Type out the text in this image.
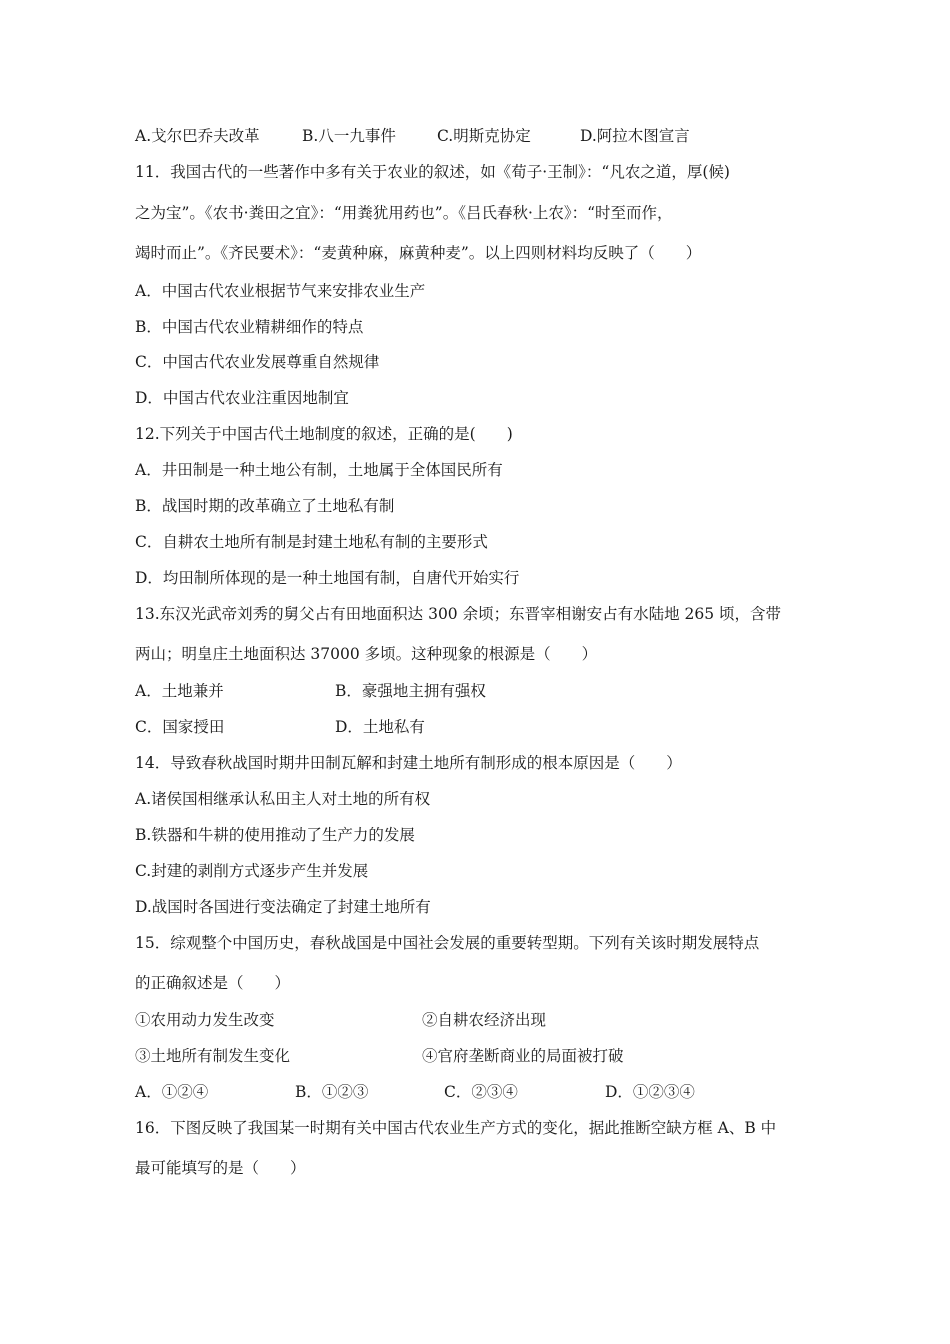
A.戈尔巴乔夫改革	B.八一九事件	C.明斯克协定	D.阿拉木图宣言
11．我国古代的一些著作中多有关于农业的叙述，如《荀子·王制》：“凡农之道，厚(候)
之为宝”。《农书·粪田之宜》：“用粪犹用药也”。《吕氏春秋·上农》：“时至而作，
竭时而止”。《齐民要术》：“麦黄种麻，麻黄种麦”。以上四则材料均反映了（　　）
A．中国古代农业根据节气来安排农业生产
B．中国古代农业精耕细作的特点
C．中国古代农业发展尊重自然规律
D．中国古代农业注重因地制宜
12.下列关于中国古代土地制度的叙述，正确的是(　　)
A．井田制是一种土地公有制，土地属于全体国民所有
B．战国时期的改革确立了土地私有制
C．自耕农土地所有制是封建土地私有制的主要形式
D．均田制所体现的是一种土地国有制，自唐代开始实行
13.东汉光武帝刘秀的舅父占有田地面积达 300 余顷；东晋宰相谢安占有水陆地 265 顷，含带
两山；明皇庄土地面积达 37000 多顷。这种现象的根源是（　　）
A．土地兼并	B．豪强地主拥有强权
C．国家授田	D．土地私有
14．导致春秋战国时期井田制瓦解和封建土地所有制形成的根本原因是（　　）
A.诸侯国相继承认私田主人对土地的所有权
B.铁器和牛耕的使用推动了生产力的发展
C.封建的剥削方式逐步产生并发展
D.战国时各国进行变法确定了封建土地所有
15．综观整个中国历史，春秋战国是中国社会发展的重要转型期。下列有关该时期发展特点
的正确叙述是（　　）
①农用动力发生改变	②自耕农经济出现
③土地所有制发生变化	④官府垄断商业的局面被打破
A．①②④	B．①②③	C．②③④	D．①②③④
16．下图反映了我国某一时期有关中国古代农业生产方式的变化，据此推断空缺方框 A、B 中
最可能填写的是（　　）
